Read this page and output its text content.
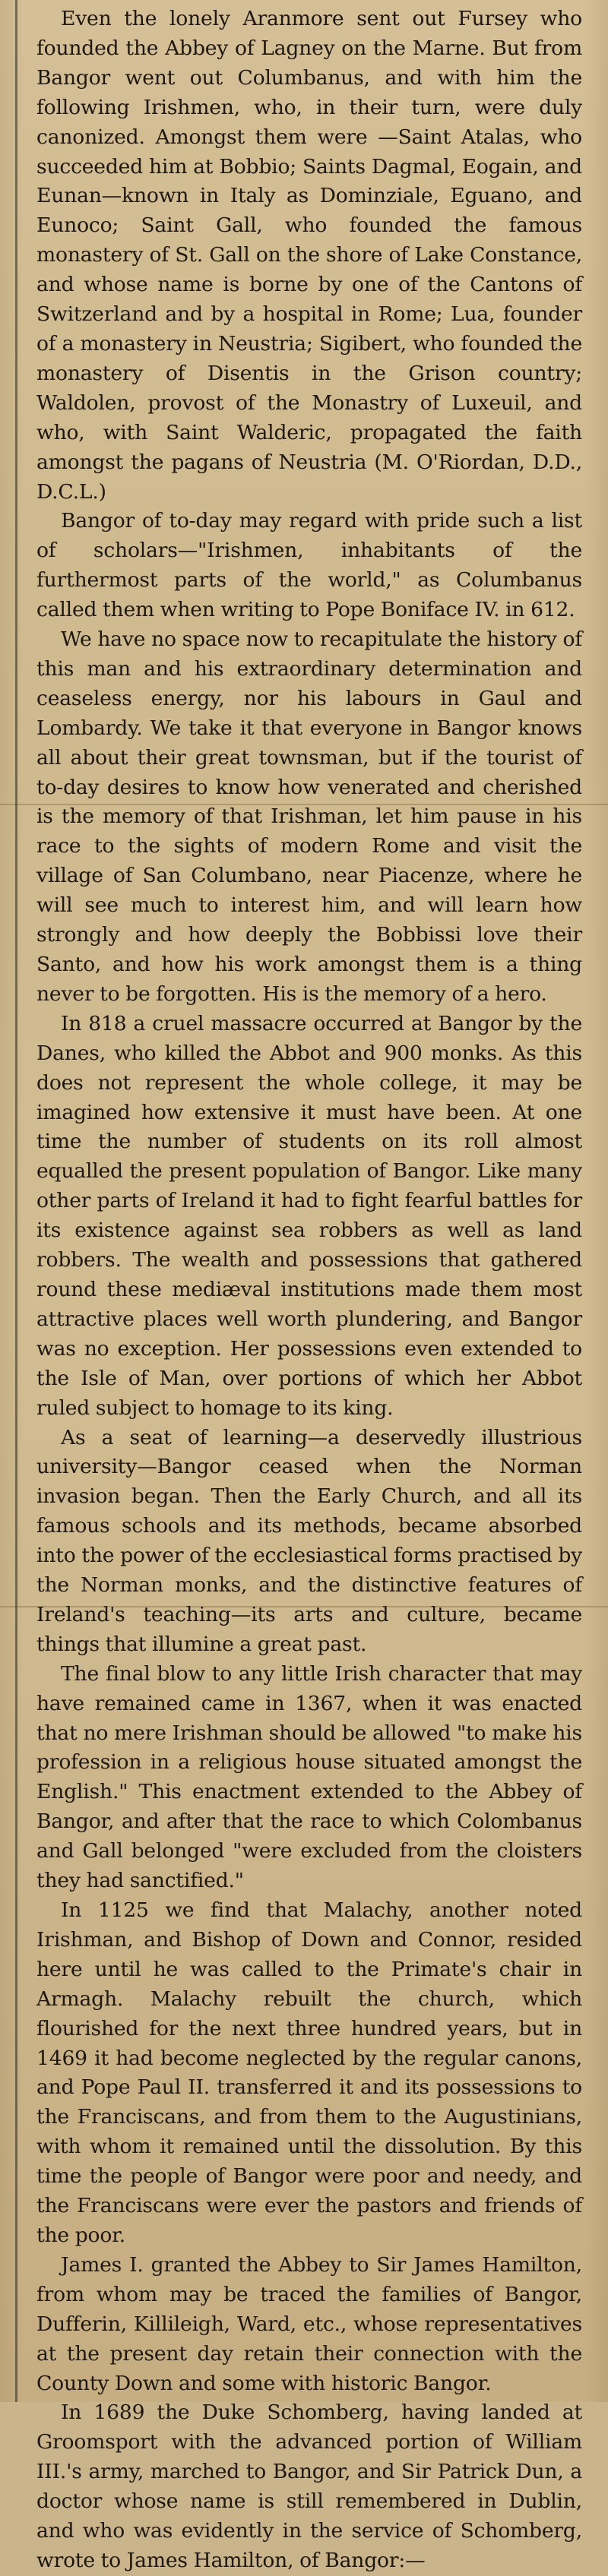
Even the lonely Aranmore sent out Fursey who founded the Abbey of Lagney on the Marne. But from Bangor went out Columbanus, and with him the following Irishmen, who, in their turn, were duly canonized. Amongst them were —Saint Atalas, who succeeded him at Bobbio; Saints Dagmal, Eogain, and Eunan—known in Italy as Dominziale, Eguano, and Eunoco; Saint Gall, who founded the famous monastery of St. Gall on the shore of Lake Constance, and whose name is borne by one of the Cantons of Switzerland and by a hospital in Rome; Lua, founder of a monastery in Neustria; Sigibert, who founded the monastery of Disentis in the Grison country; Waldolen, provost of the Monastry of Luxeuil, and who, with Saint Walderic, propagated the faith amongst the pagans of Neustria (M. O'Riordan, D.D., D.C.L.)

Bangor of to-day may regard with pride such a list of scholars—"Irishmen, inhabitants of the furthermost parts of the world," as Columbanus called them when writing to Pope Boniface IV. in 612.

We have no space now to recapitulate the history of this man and his extraordinary determination and ceaseless energy, nor his labours in Gaul and Lombardy. We take it that everyone in Bangor knows all about their great townsman, but if the tourist of to-day desires to know how venerated and cherished is the memory of that Irishman, let him pause in his race to the sights of modern Rome and visit the village of San Columbano, near Piacenze, where he will see much to interest him, and will learn how strongly and how deeply the Bobbissi love their Santo, and how his work amongst them is a thing never to be forgotten. His is the memory of a hero.

In 818 a cruel massacre occurred at Bangor by the Danes, who killed the Abbot and 900 monks. As this does not represent the whole college, it may be imagined how extensive it must have been. At one time the number of students on its roll almost equalled the present population of Bangor. Like many other parts of Ireland it had to fight fearful battles for its existence against sea robbers as well as land robbers. The wealth and possessions that gathered round these mediæval institutions made them most attractive places well worth plundering, and Bangor was no exception. Her possessions even extended to the Isle of Man, over portions of which her Abbot ruled subject to homage to its king.

As a seat of learning—a deservedly illustrious university—Bangor ceased when the Norman invasion began. Then the Early Church, and all its famous schools and its methods, became absorbed into the power of the ecclesiastical forms practised by the Norman monks, and the distinctive features of Ireland's teaching—its arts and culture, became things that illumine a great past.

The final blow to any little Irish character that may have remained came in 1367, when it was enacted that no mere Irishman should be allowed "to make his profession in a religious house situated amongst the English." This enactment extended to the Abbey of Bangor, and after that the race to which Colombanus and Gall belonged "were excluded from the cloisters they had sanctified."

In 1125 we find that Malachy, another noted Irishman, and Bishop of Down and Connor, resided here until he was called to the Primate's chair in Armagh. Malachy rebuilt the church, which flourished for the next three hundred years, but in 1469 it had become neglected by the regular canons, and Pope Paul II. transferred it and its possessions to the Franciscans, and from them to the Augustinians, with whom it remained until the dissolution. By this time the people of Bangor were poor and needy, and the Franciscans were ever the pastors and friends of the poor.

James I. granted the Abbey to Sir James Hamilton, from whom may be traced the families of Bangor, Dufferin, Killileigh, Ward, etc., whose representatives at the present day retain their connection with the County Down and some with historic Bangor.

In 1689 the Duke Schomberg, having landed at Groomsport with the advanced portion of William III.'s army, marched to Bangor, and Sir Patrick Dun, a doctor whose name is still remembered in Dublin, and who was evidently in the service of Schomberg, wrote to James Hamilton, of Bangor:—
